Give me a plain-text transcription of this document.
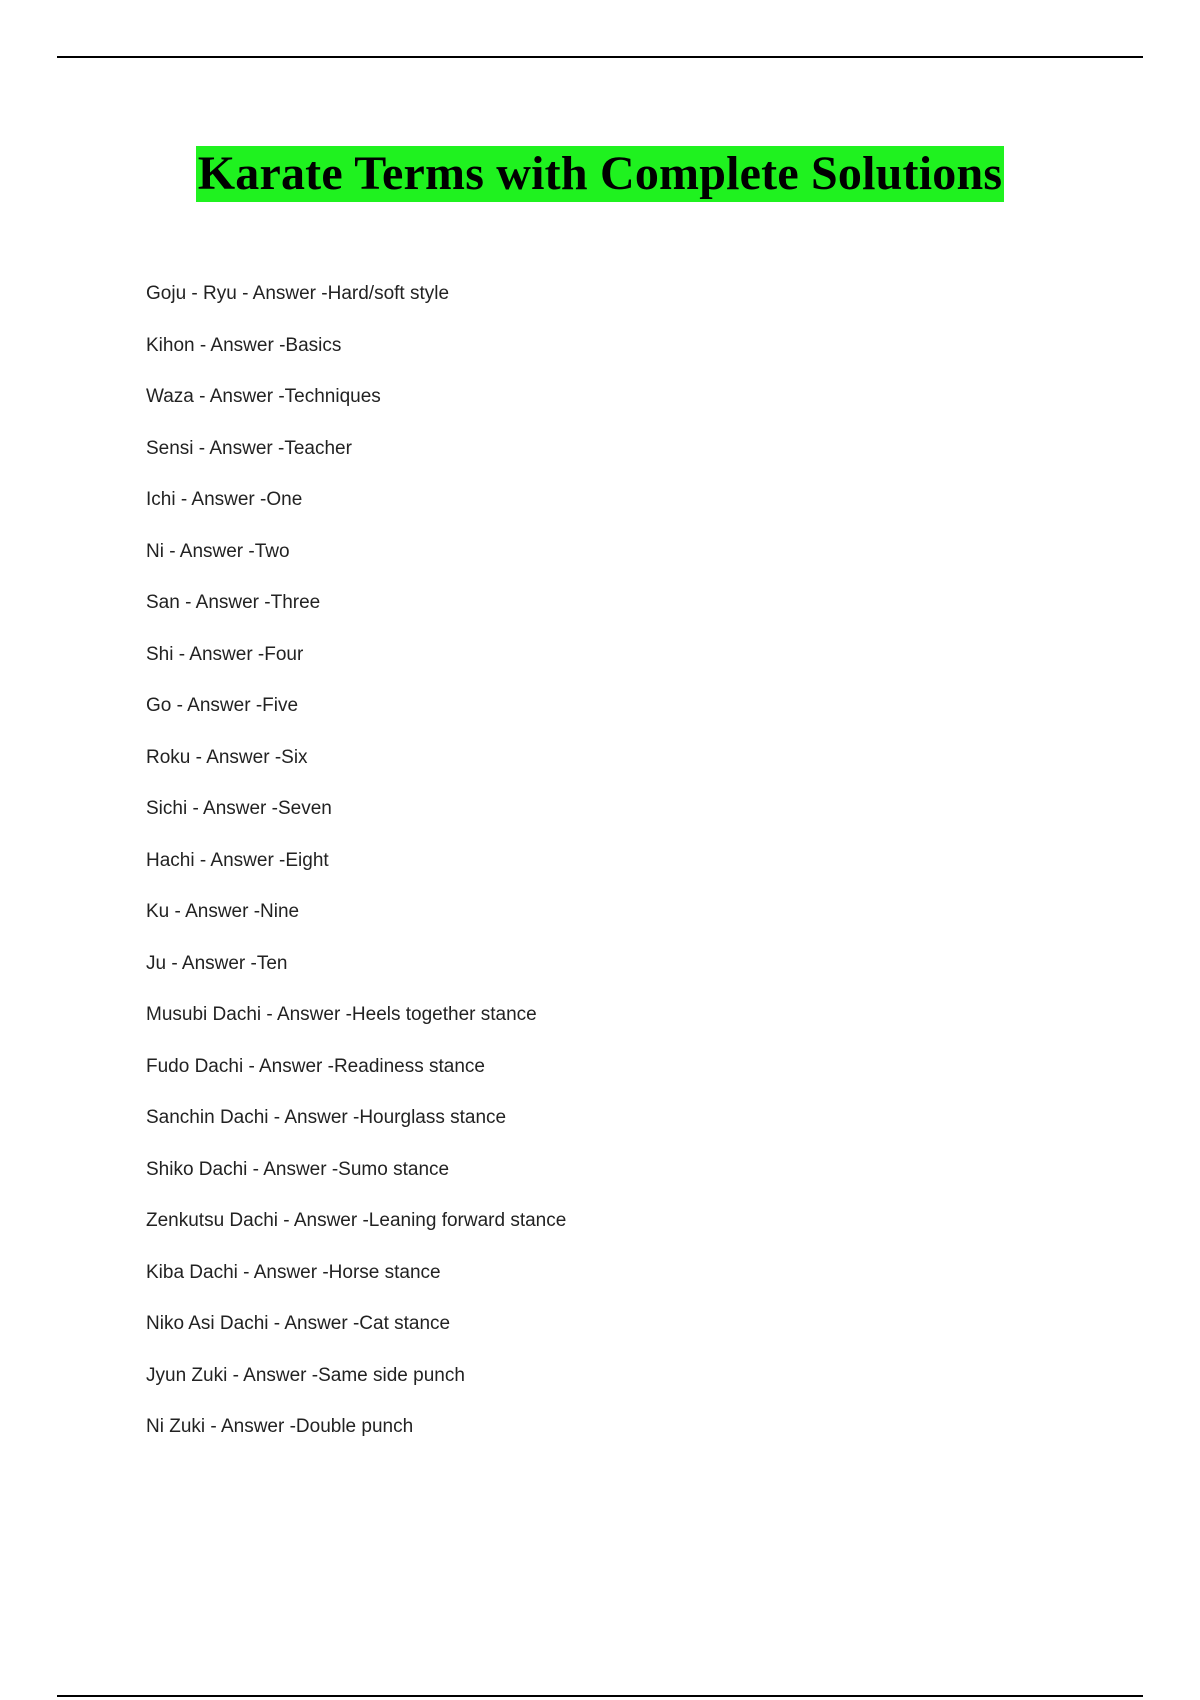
Karate Terms with Complete Solutions
Goju - Ryu - Answer -Hard/soft style
Kihon - Answer -Basics
Waza - Answer -Techniques
Sensi - Answer -Teacher
Ichi - Answer -One
Ni - Answer -Two
San - Answer -Three
Shi - Answer -Four
Go - Answer -Five
Roku - Answer -Six
Sichi - Answer -Seven
Hachi - Answer -Eight
Ku - Answer -Nine
Ju - Answer -Ten
Musubi Dachi - Answer -Heels together stance
Fudo Dachi - Answer -Readiness stance
Sanchin Dachi - Answer -Hourglass stance
Shiko Dachi - Answer -Sumo stance
Zenkutsu Dachi - Answer -Leaning forward stance
Kiba Dachi - Answer -Horse stance
Niko Asi Dachi - Answer -Cat stance
Jyun Zuki - Answer -Same side punch
Ni Zuki - Answer -Double punch
